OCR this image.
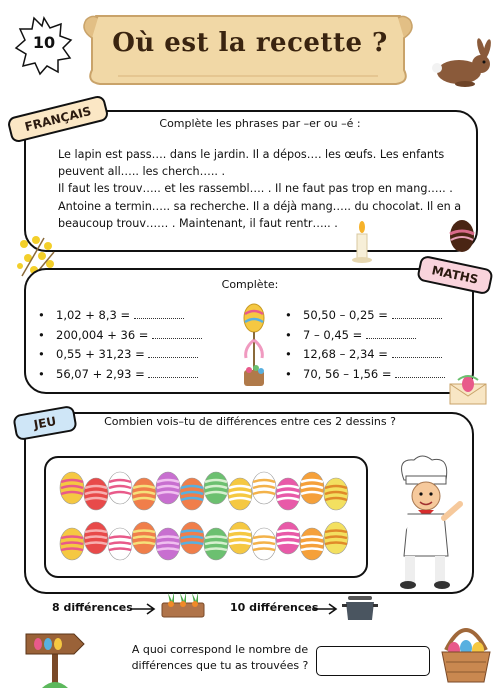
10	Où est la recette ?
FRANÇAIS	Complète les phrases par –er ou –é :
Le lapin est pass…. dans le jardin. Il a dépos…. les œufs. Les enfants
peuvent all….. les cherch….. .
Il faut les trouv….. et les rassembl…. . Il ne faut pas trop en mang….. .
Antoine a termin….. sa recherche. Il a déjà mang….. du chocolat. Il en a
beaucoup trouv…… . Maintenant, il faut rentr….. .
MATHS
Complète:
• 1,02 + 8,3 =
• 200,004 + 36 =
• 0,55 + 31,23 =
• 56,07 + 2,93 =
• 50,50 – 0,25 =
• 7 – 0,45 =
• 12,68 – 2,34 =
• 70, 56 – 1,56 =
JEU	Combien vois–tu de différences entre ces 2 dessins ?
8 différences	10 différences
A quoi correspond le nombre de différences que tu as trouvées ?
